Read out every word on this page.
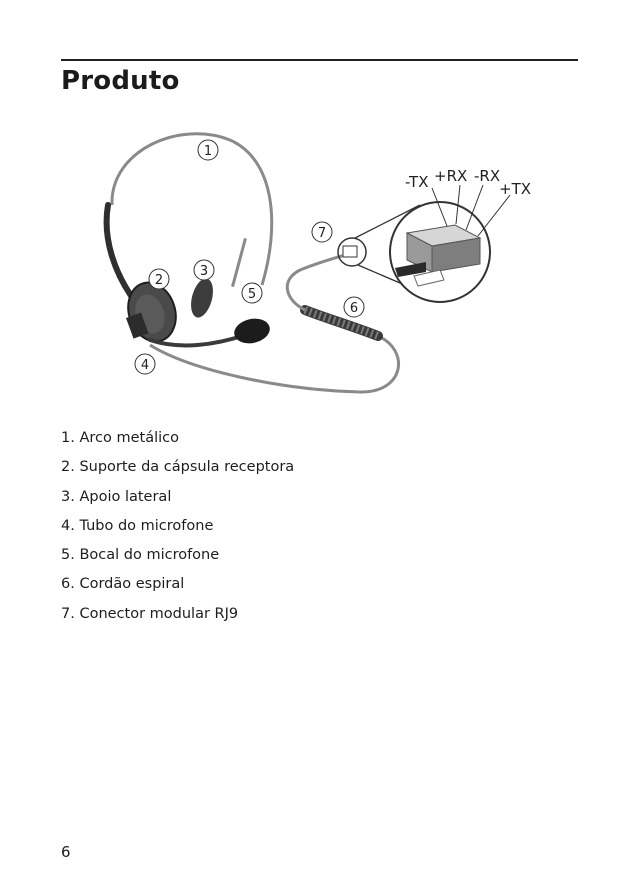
Produto
-TX +RX -RX
+TX
1
2
3
4
5
6
7
1. Arco metálico
2. Suporte da cápsula receptora
3. Apoio lateral
4. Tubo do microfone
5. Bocal do microfone
6. Cordão espiral
7. Conector modular RJ9
6
